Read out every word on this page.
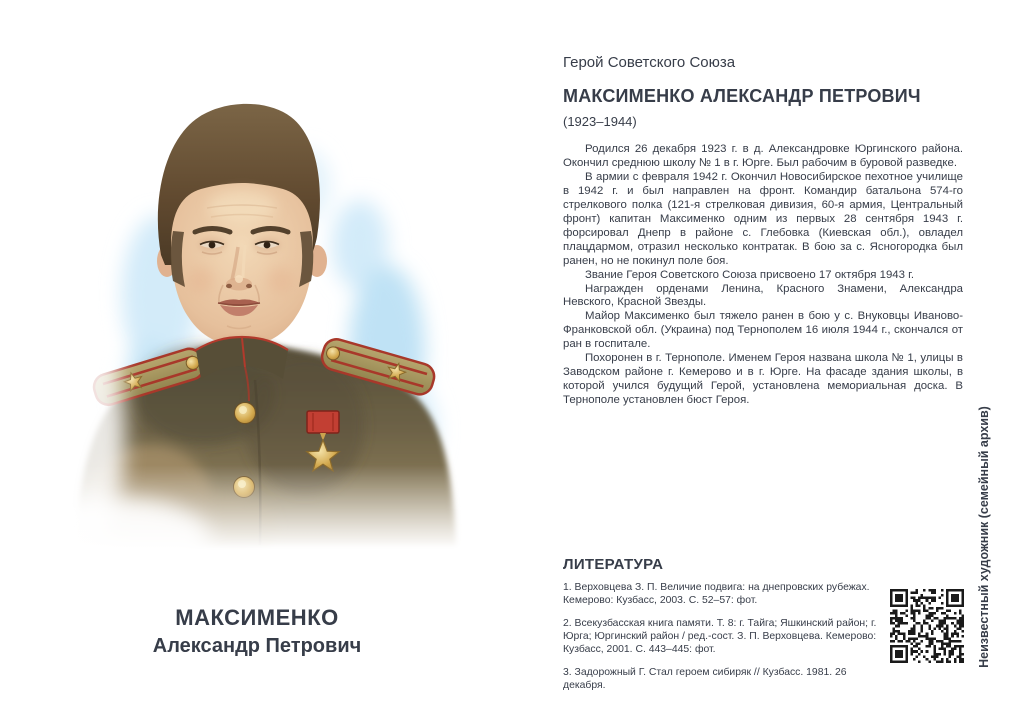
МАКСИМЕНКО
Александр Петрович
Герой Советского Союза
МАКСИМЕНКО АЛЕКСАНДР ПЕТРОВИЧ
(1923–1944)

Родился 26 декабря 1923 г. в д. Александровке Юргинского района. Окончил среднюю школу № 1 в г. Юрге. Был рабочим в буровой разведке.

В армии с февраля 1942 г. Окончил Новосибирское пехотное училище в 1942 г. и был направлен на фронт. Командир батальона 574-го стрелкового полка (121-я стрелковая дивизия, 60-я армия, Центральный фронт) капитан Максименко одним из первых 28 сентября 1943 г. форсировал Днепр в районе с. Глебовка (Киевская обл.), овладел плацдармом, отразил несколько контратак. В бою за с. Ясногородка был ранен, но не покинул поле боя.

Звание Героя Советского Союза присвоено 17 октября 1943 г.

Награжден орденами Ленина, Красного Знамени, Александра Невского, Красной Звезды.

Майор Максименко был тяжело ранен в бою у с. Внуковцы Иваново-Франковской обл. (Украина) под Тернополем 16 июля 1944 г., скончался от ран в госпитале.

Похоронен в г. Тернополе. Именем Героя названа школа № 1, улицы в Заводском районе г. Кемерово и в г. Юрге. На фасаде здания школы, в которой учился будущий Герой, установлена мемориальная доска. В Тернополе установлен бюст Героя.

ЛИТЕРАТУРА

1. Верховцева З. П. Величие подвига: на днепровских рубежах. Кемерово: Кузбасс, 2003. С. 52–57: фот.

2. Всекузбасская книга памяти. Т. 8: г. Тайга; Яшкинский район; г. Юрга; Юргинский район / ред.-сост. З. П. Верховцева. Кемерово: Кузбасс, 2001. С. 443–445: фот.

3. Задорожный Г. Стал героем сибиряк // Кузбасс. 1981. 26 декабря.

Неизвестный художник (семейный архив)
